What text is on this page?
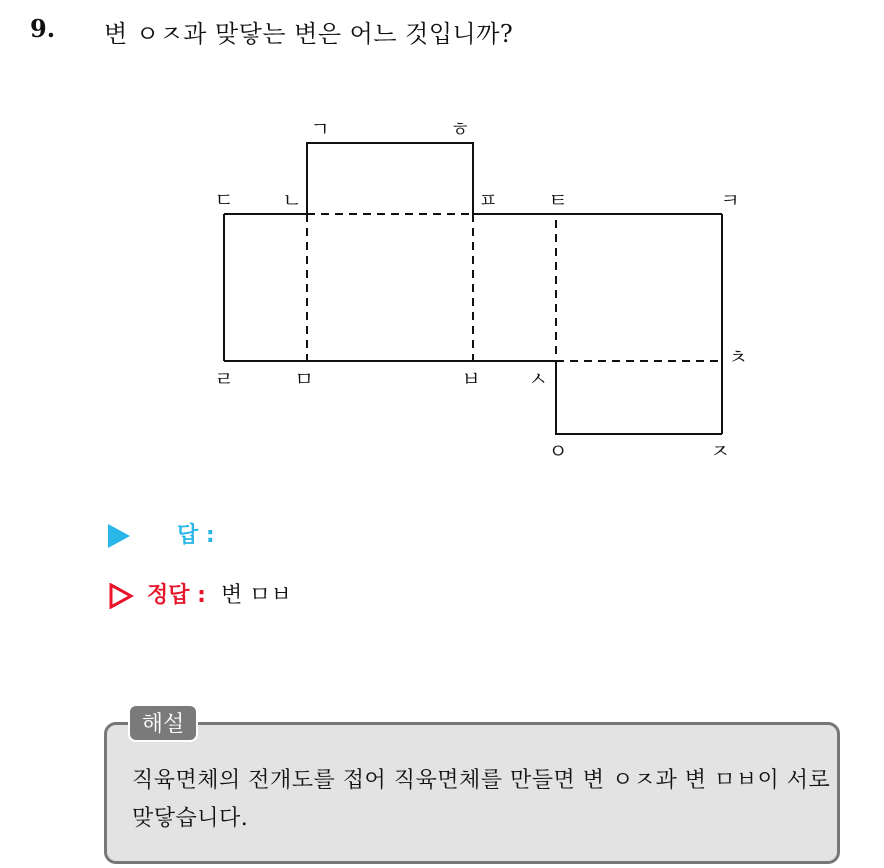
9. 변 ㅇㅈ과 맞닿는 변은 어느 것입니까?
ㄱ	ㅎ
ㄷ ㄴ	ㅍ	ㅌ	ㅋ
ㄹ	ㅁ	ㅂ ㅅ
ㅊ
ㅇ	ㅈ
답 :
정답 : 변 ㅁㅂ
해설
직육면체의 전개도를 접어 직육면체를 만들면 변 ㅇㅈ과 변 ㅁㅂ이 서로 맞닿습니다.
